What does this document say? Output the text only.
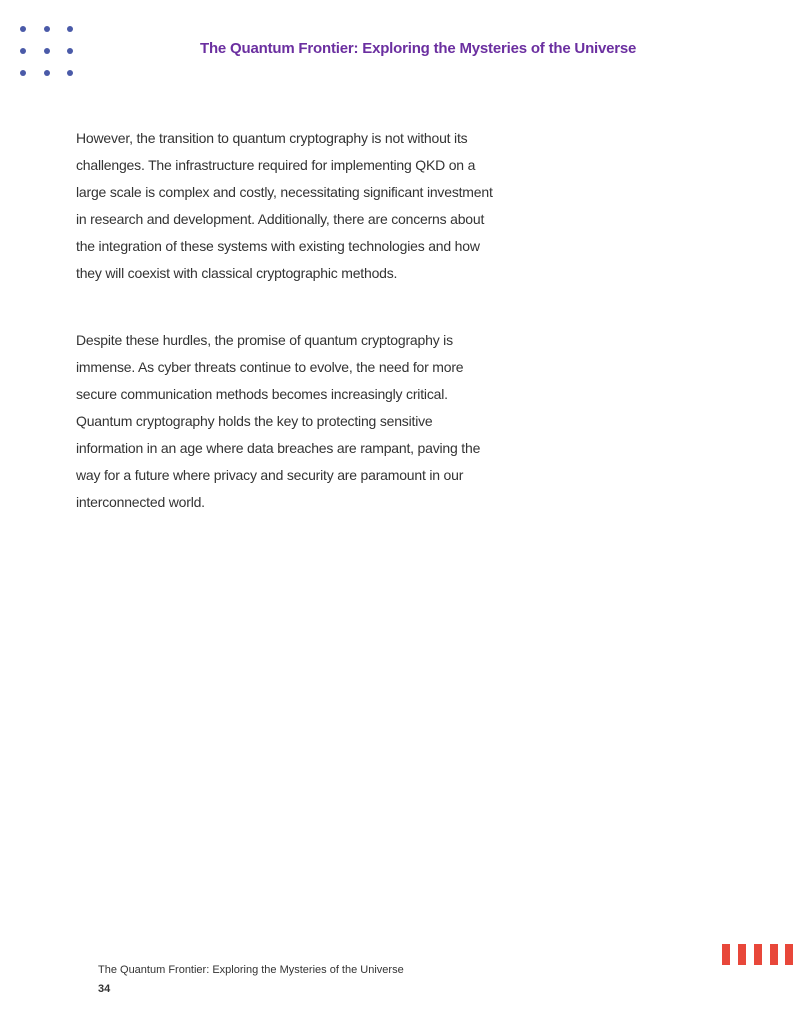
The Quantum Frontier: Exploring the Mysteries of the Universe

However, the transition to quantum cryptography is not without its challenges. The infrastructure required for implementing QKD on a large scale is complex and costly, necessitating significant investment in research and development. Additionally, there are concerns about the integration of these systems with existing technologies and how they will coexist with classical cryptographic methods.

Despite these hurdles, the promise of quantum cryptography is immense. As cyber threats continue to evolve, the need for more secure communication methods becomes increasingly critical. Quantum cryptography holds the key to protecting sensitive information in an age where data breaches are rampant, paving the way for a future where privacy and security are paramount in our interconnected world.

The Quantum Frontier: Exploring the Mysteries of the Universe
34
